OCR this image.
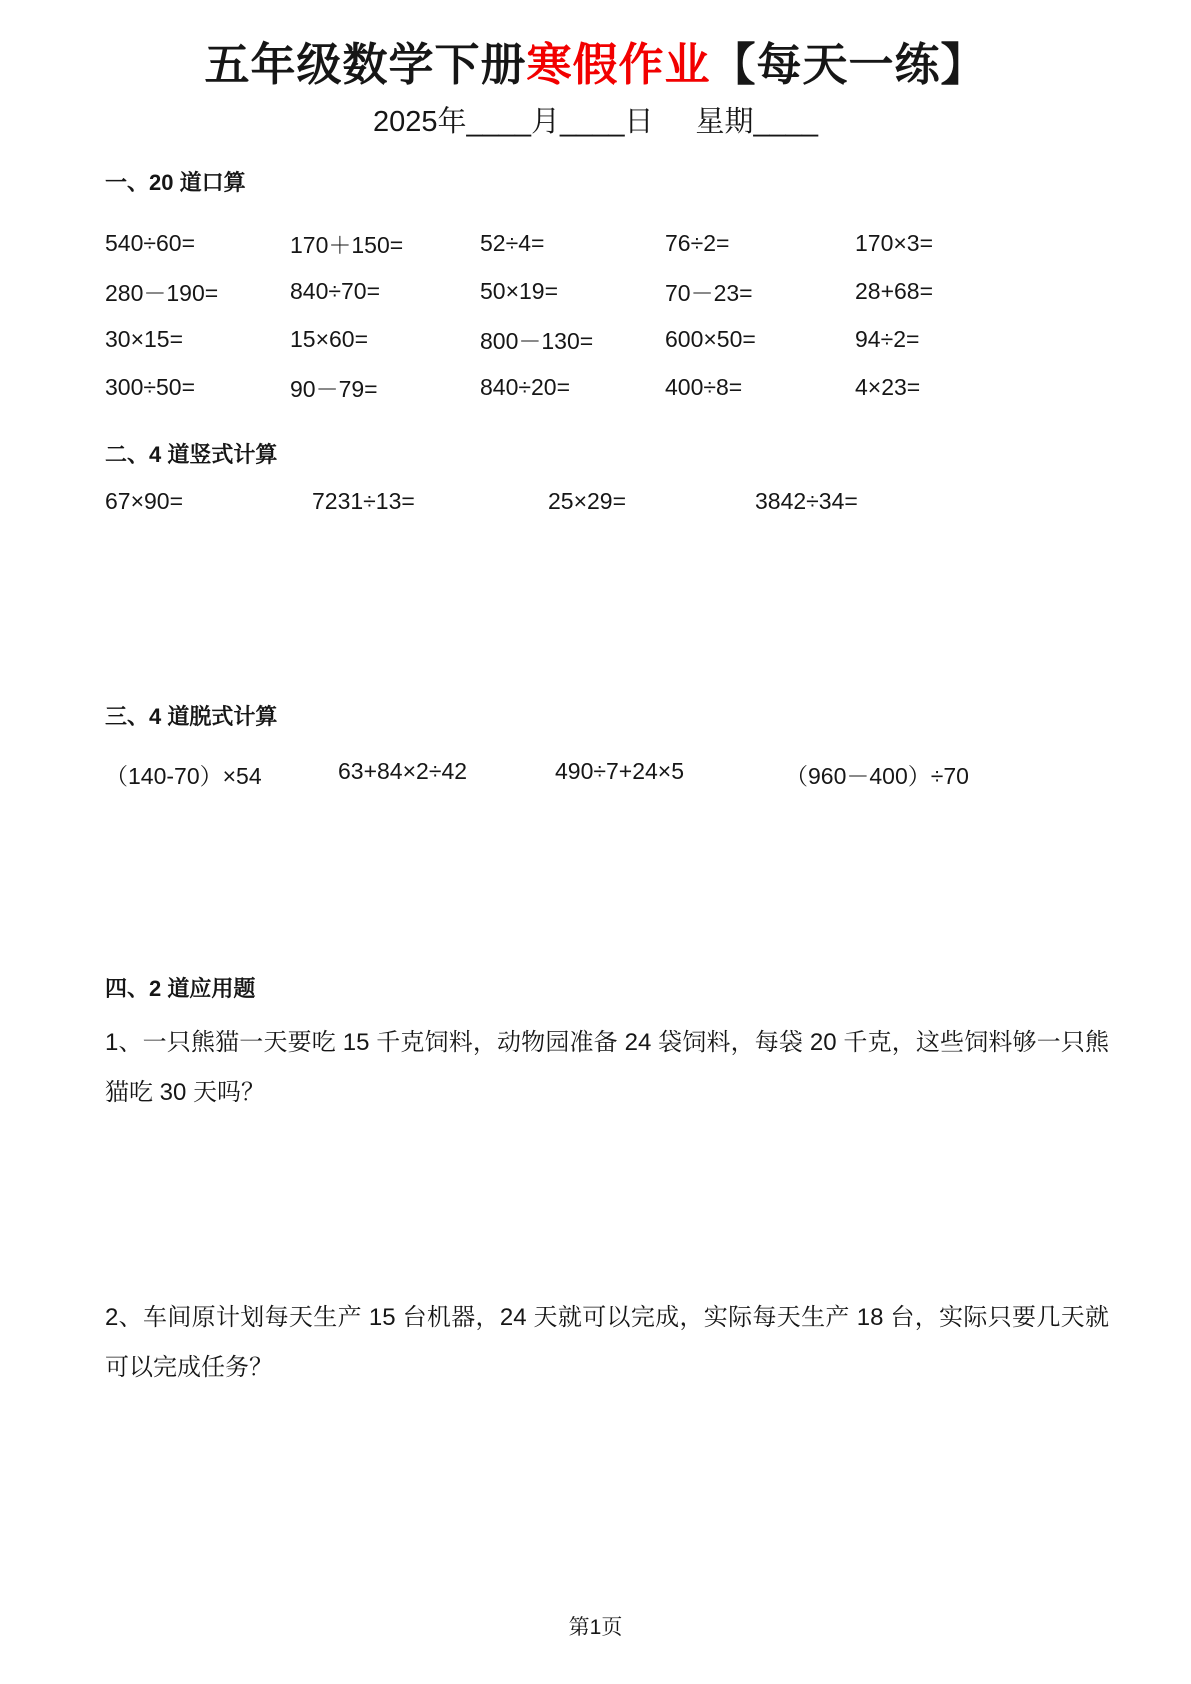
五年级数学下册寒假作业【每天一练】
2025年____月____日 星期____
一、20 道口算
540÷60=	170＋150=	52÷4=	76÷2=	170×3=
280－190=	840÷70=	50×19=	70－23=	28+68=
30×15=	15×60=	800－130=	600×50=	94÷2=
300÷50=	90－79=	840÷20=	400÷8=	4×23=
二、4 道竖式计算
67×90=	7231÷13=	25×29=	3842÷34=
三、4 道脱式计算
（140-70）×54	63+84×2÷42	490÷7+24×5	（960－400）÷70
四、2 道应用题
1、一只熊猫一天要吃 15 千克饲料，动物园准备 24 袋饲料，每袋 20 千克，这些饲料够一只熊猫吃 30 天吗？
2、车间原计划每天生产 15 台机器，24 天就可以完成，实际每天生产 18 台，实际只要几天就可以完成任务？
第1页
